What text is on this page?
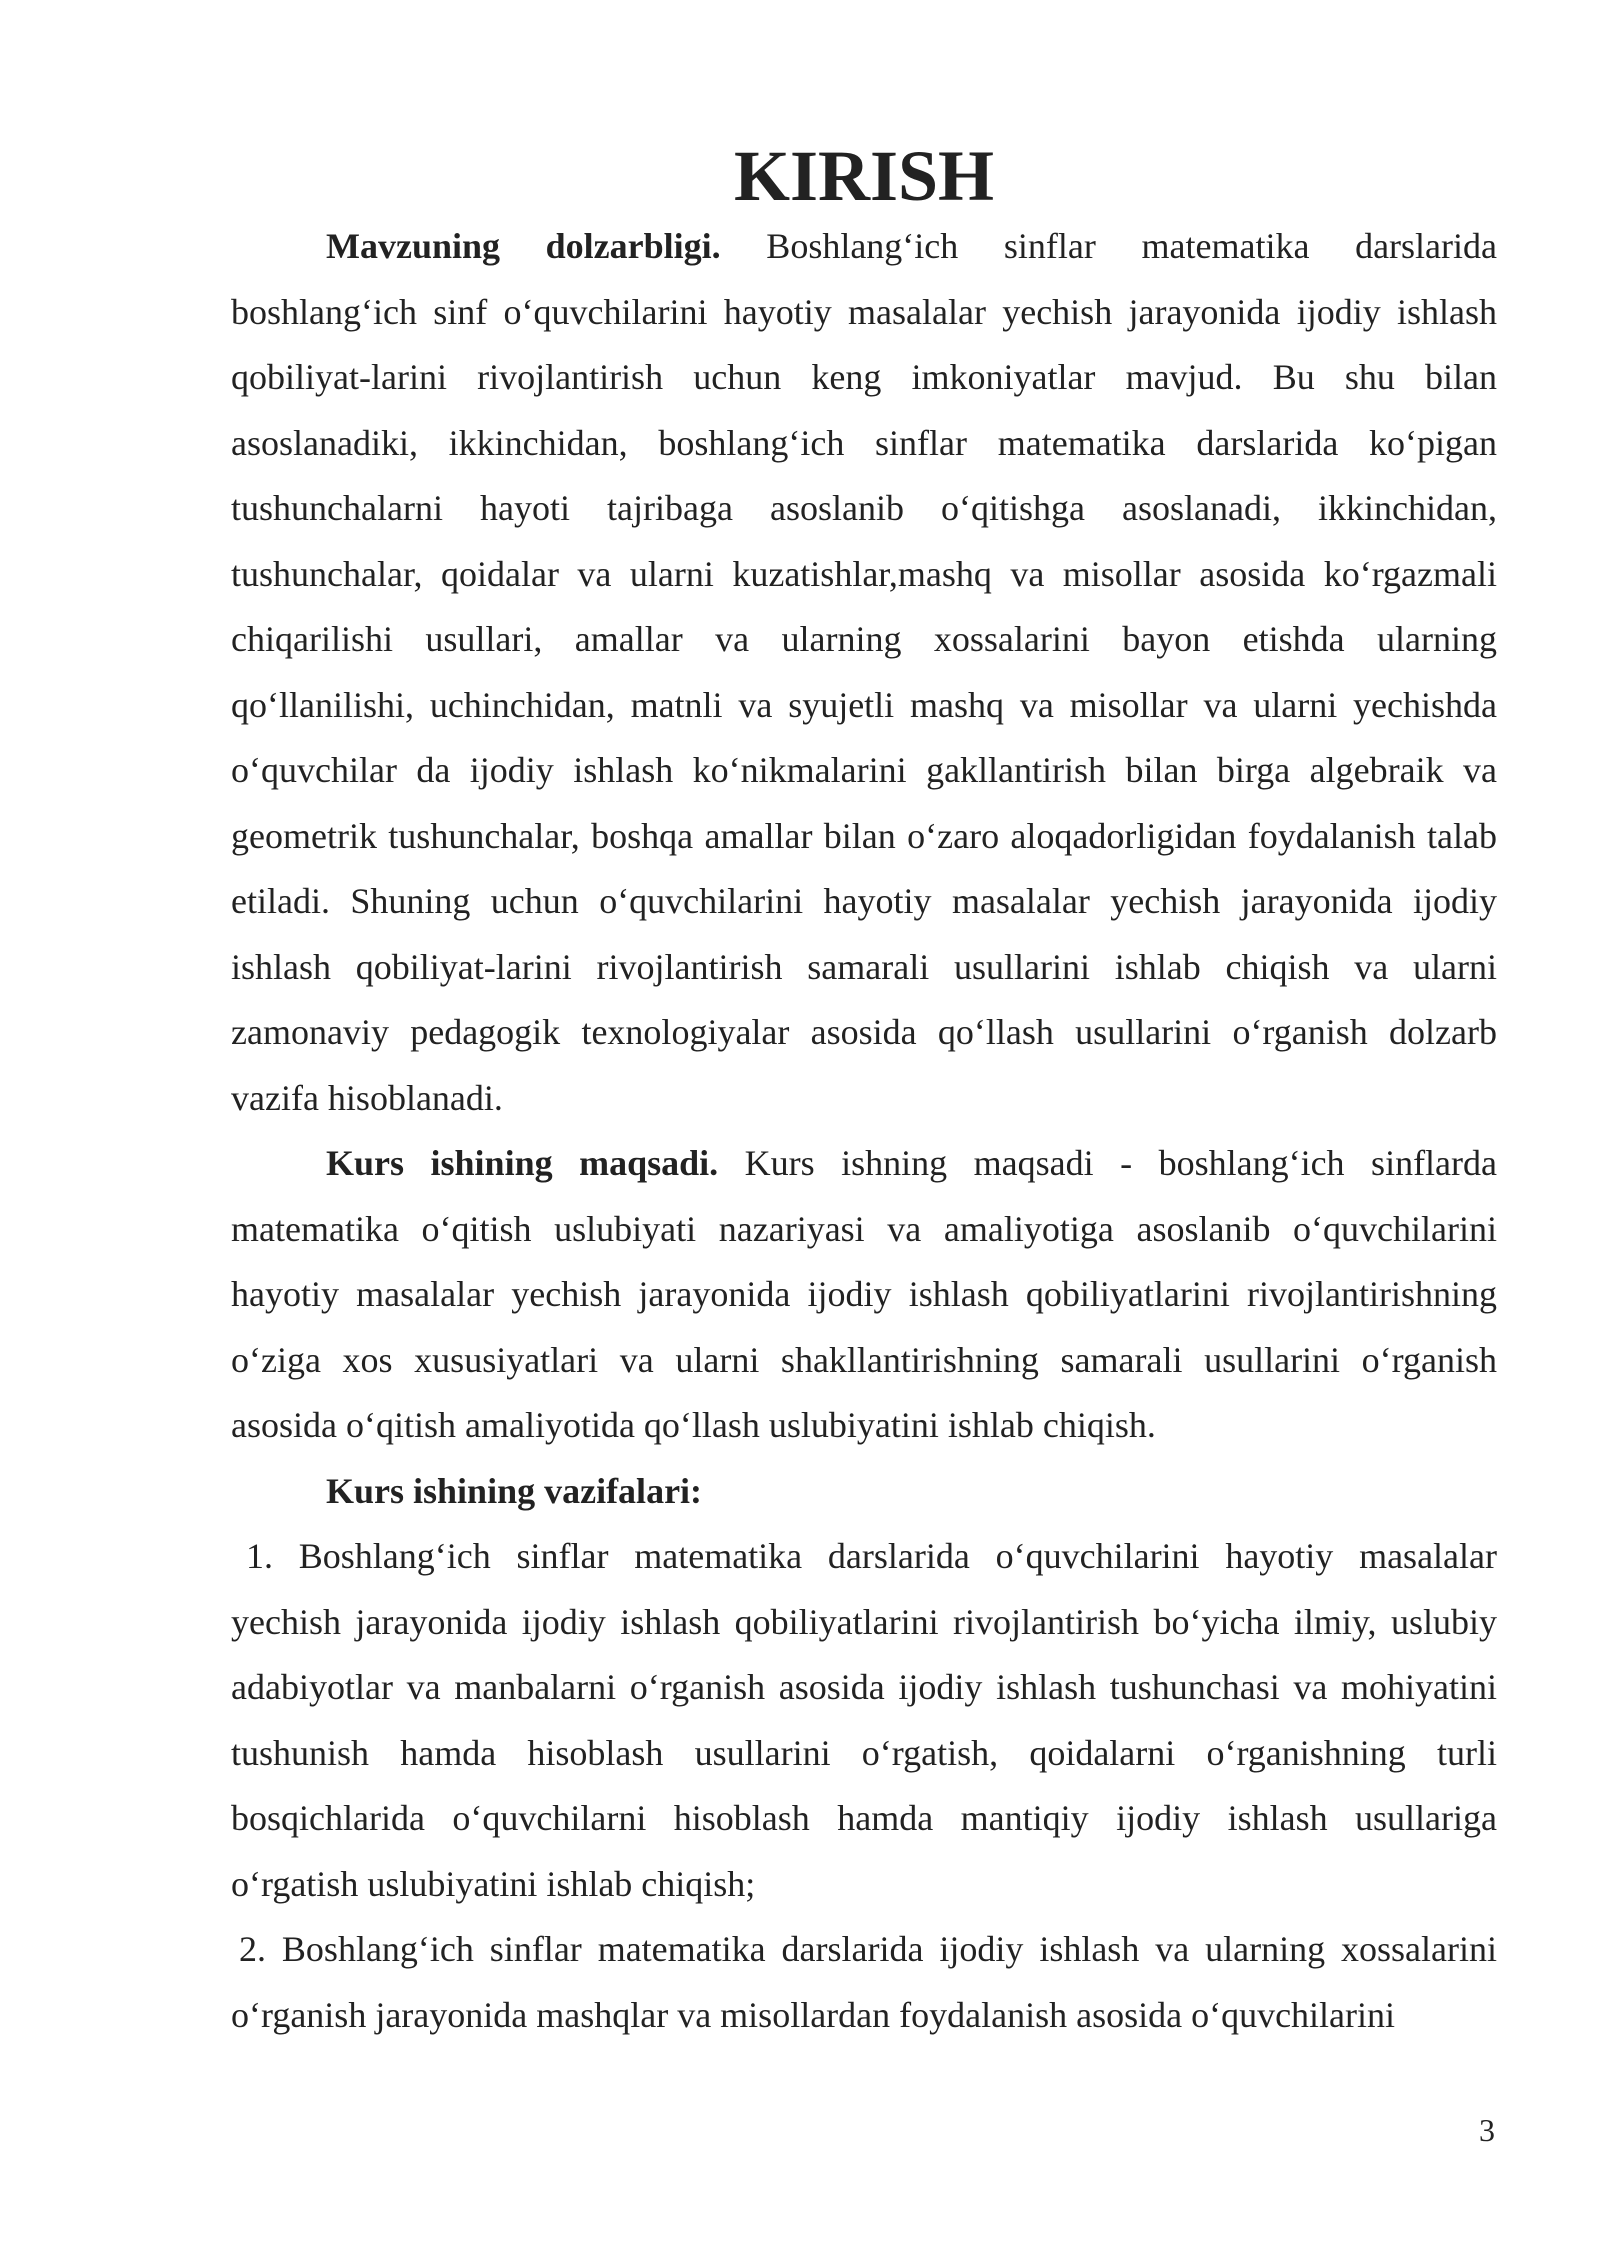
KIRISH

Mavzuning dolzarbligi. Boshlang‘ich sinflar matematika darslarida boshlang‘ich sinf o‘quvchilarini hayotiy masalalar yechish jarayonida ijodiy ishlash qobiliyat-larini rivojlantirish uchun keng imkoniyatlar mavjud. Bu shu bilan asoslanadiki, ikkinchidan, boshlang‘ich sinflar matematika darslarida ko‘pigan tushunchalarni hayoti tajribaga asoslanib o‘qitishga asoslanadi, ikkinchidan, tushunchalar, qoidalar va ularni kuzatishlar,mashq va misollar asosida ko‘rgazmali chiqarilishi usullari, amallar va ularning xossalarini bayon etishda ularning qo‘llanilishi, uchinchidan, matnli va syujetli mashq va misollar va ularni yechishda o‘quvchilar da ijodiy ishlash ko‘nikmalarini gakllantirish bilan birga algebraik va geometrik tushunchalar, boshqa amallar bilan o‘zaro aloqadorligidan foydalanish talab etiladi. Shuning uchun o‘quvchilarini hayotiy masalalar yechish jarayonida ijodiy ishlash qobiliyat-larini rivojlantirish samarali usullarini ishlab chiqish va ularni zamonaviy pedagogik texnologiyalar asosida qo‘llash usullarini o‘rganish dolzarb vazifa hisoblanadi.

Kurs ishining maqsadi. Kurs ishning maqsadi - boshlang‘ich sinflarda matematika o‘qitish uslubiyati nazariyasi va amaliyotiga asoslanib o‘quvchilarini hayotiy masalalar yechish jarayonida ijodiy ishlash qobiliyatlarini rivojlantirishning o‘ziga xos xususiyatlari va ularni shakllantirishning samarali usullarini o‘rganish asosida o‘qitish amaliyotida qo‘llash uslubiyatini ishlab chiqish.

Kurs ishining vazifalari:

1. Boshlang‘ich sinflar matematika darslarida o‘quvchilarini hayotiy masalalar yechish jarayonida ijodiy ishlash qobiliyatlarini rivojlantirish bo‘yicha ilmiy, uslubiy adabiyotlar va manbalarni o‘rganish asosida ijodiy ishlash tushunchasi va mohiyatini tushunish hamda hisoblash usullarini o‘rgatish, qoidalarni o‘rganishning turli bosqichlarida o‘quvchilarni hisoblash hamda mantiqiy ijodiy ishlash usullariga o‘rgatish uslubiyatini ishlab chiqish;

2. Boshlang‘ich sinflar matematika darslarida ijodiy ishlash va ularning xossalarini o‘rganish jarayonida mashqlar va misollardan foydalanish asosida o‘quvchilarini

3
